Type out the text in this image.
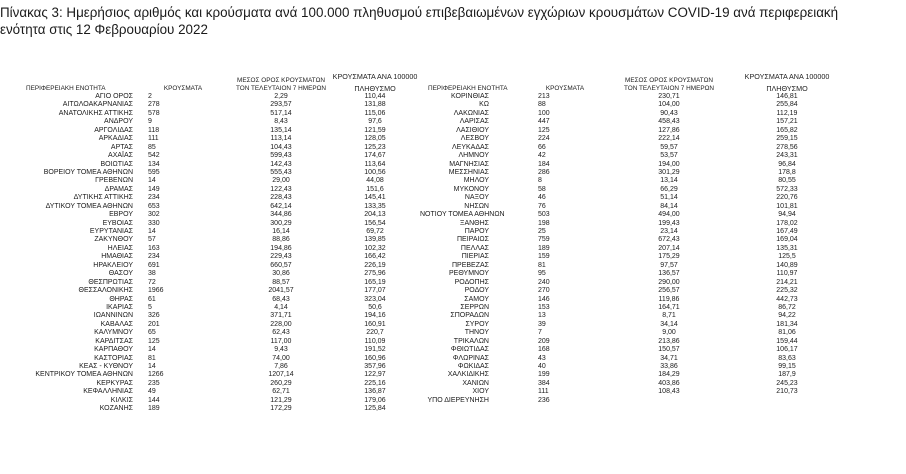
Πίνακας 3: Ημερήσιος αριθμός και κρούσματα ανά 100.000 πληθυσμού επιβεβαιωμένων εγχώριων κρουσμάτων COVID-19 ανά περιφερειακή
ενότητα στις 12 Φεβρουαρίου 2022
ΠΕΡΙΦΕΡΕΙΑΚΗ ΕΝΟΤΗΤΑ	ΚΡΟΥΣΜΑΤΑ
ΜΕΣΟΣ ΟΡΟΣ ΚΡΟΥΣΜΑΤΩΝ
ΤΟΝ ΤΕΛΕΥΤΑΙΟΝ 7 ΗΜΕΡΩΝ
ΚΡΟΥΣΜΑΤΑ ΑΝΑ 100000
ΠΛΗΘΥΣΜΟ
ΑΓΙΟ ΟΡΟΣ 2	2,29	110,44
ΑΙΤΩΛΟΑΚΑΡΝΑΝΙΑΣ 278	293,57	131,88
ΑΝΑΤΟΛΙΚΗΣ ΑΤΤΙΚΗΣ 578	517,14	115,06
ΑΝΔΡΟΥ 9	8,43	97,6
ΑΡΓΟΛΙΔΑΣ 118	135,14	121,59
ΑΡΚΑΔΙΑΣ 111	113,14	128,05
ΑΡΤΑΣ 85	104,43	125,23
ΑΧΑΪΑΣ 542	599,43	174,67
ΒΟΙΩΤΙΑΣ 134	142,43	113,64
ΒΟΡΕΙΟΥ ΤΟΜΕΑ ΑΘΗΝΩΝ 595	555,43	100,56
ΓΡΕΒΕΝΩΝ 14	29,00	44,08
ΔΡΑΜΑΣ 149	122,43	151,6
ΔΥΤΙΚΗΣ ΑΤΤΙΚΗΣ 234	228,43	145,41
ΔΥΤΙΚΟΥ ΤΟΜΕΑ ΑΘΗΝΩΝ 653	642,14	133,35
ΕΒΡΟΥ 302	344,86	204,13
ΕΥΒΟΙΑΣ 330	300,29	156,54
ΕΥΡΥΤΑΝΙΑΣ 14	16,14	69,72
ΖΑΚΥΝΘΟΥ 57	88,86	139,85
ΗΛΕΙΑΣ 163	194,86	102,32
ΗΜΑΘΙΑΣ 234	229,43	166,42
ΗΡΑΚΛΕΙΟΥ 691	660,57	226,19
ΘΑΣΟΥ 38	30,86	275,96
ΘΕΣΠΡΩΤΙΑΣ 72	88,57	165,19
ΘΕΣΣΑΛΟΝΙΚΗΣ 1966	2041,57	177,07
ΘΗΡΑΣ 61	68,43	323,04
ΙΚΑΡΙΑΣ 5	4,14	50,6
ΙΩΑΝΝΙΝΩΝ 326	371,71	194,16
ΚΑΒΑΛΑΣ 201	228,00	160,91
ΚΑΛΥΜΝΟΥ 65	62,43	220,7
ΚΑΡΔΙΤΣΑΣ 125	117,00	110,09
ΚΑΡΠΑΘΟΥ 14	9,43	191,52
ΚΑΣΤΟΡΙΑΣ 81	74,00	160,96
ΚΕΑΣ - ΚΥΘΝΟΥ 14	7,86	357,96
ΚΕΝΤΡΙΚΟΥ ΤΟΜΕΑ ΑΘΗΝΩΝ 1266	1207,14	122,97
ΚΕΡΚΥΡΑΣ 235	260,29	225,16
ΚΕΦΑΛΛΗΝΙΑΣ 49	62,71	136,87
ΚΙΛΚΙΣ 144	121,29	179,06
ΚΟΖΑΝΗΣ 189	172,29	125,84
ΠΕΡΙΦΕΡΕΙΑΚΗ ΕΝΟΤΗΤΑ	ΚΡΟΥΣΜΑΤΑ
ΜΕΣΟΣ ΟΡΟΣ ΚΡΟΥΣΜΑΤΩΝ
ΤΟΝ ΤΕΛΕΥΤΑΙΟΝ 7 ΗΜΕΡΩΝ
ΚΡΟΥΣΜΑΤΑ ΑΝΑ 100000
ΠΛΗΘΥΣΜΟ
ΚΟΡΙΝΘΙΑΣ	213	230,71	146,81
ΚΩ	88	104,00	255,84
ΛΑΚΩΝΙΑΣ	100	90,43	112,19
ΛΑΡΙΣΑΣ	447	458,43	157,21
ΛΑΣΙΘΙΟΥ	125	127,86	165,82
ΛΕΣΒΟΥ	224	222,14	259,15
ΛΕΥΚΑΔΑΣ	66	59,57	278,56
ΛΗΜΝΟΥ	42	53,57	243,31
ΜΑΓΝΗΣΙΑΣ	184	194,00	96,84
ΜΕΣΣΗΝΙΑΣ	286	301,29	178,8
ΜΗΛΟΥ	8	13,14	80,55
ΜΥΚΟΝΟΥ	58	66,29	572,33
ΝΑΞΟΥ	46	51,14	220,76
ΝΗΣΩΝ	76	84,14	101,81
ΝΟΤΙΟΥ ΤΟΜΕΑ ΑΘΗΝΩΝ	503	494,00	94,94
ΞΑΝΘΗΣ	198	199,43	178,02
ΠΑΡΟΥ	25	23,14	167,49
ΠΕΙΡΑΙΩΣ	759	672,43	169,04
ΠΕΛΛΑΣ	189	207,14	135,31
ΠΙΕΡΙΑΣ	159	175,29	125,5
ΠΡΕΒΕΖΑΣ	81	97,57	140,89
ΡΕΘΥΜΝΟΥ	95	136,57	110,97
ΡΟΔΟΠΗΣ	240	290,00	214,21
ΡΟΔΟΥ	270	256,57	225,32
ΣΑΜΟΥ	146	119,86	442,73
ΣΕΡΡΩΝ	153	164,71	86,72
ΣΠΟΡΑΔΩΝ	13	8,71	94,22
ΣΥΡΟΥ	39	34,14	181,34
ΤΗΝΟΥ	7	9,00	81,06
ΤΡΙΚΑΛΩΝ	209	213,86	159,44
ΦΘΙΩΤΙΔΑΣ	168	150,57	106,17
ΦΛΩΡΙΝΑΣ	43	34,71	83,63
ΦΩΚΙΔΑΣ	40	33,86	99,15
ΧΑΛΚΙΔΙΚΗΣ	199	184,29	187,9
ΧΑΝΙΩΝ	384	403,86	245,23
ΧΙΟΥ	111	108,43	210,73
ΥΠΟ ΔΙΕΡΕΥΝΗΣΗ	236
